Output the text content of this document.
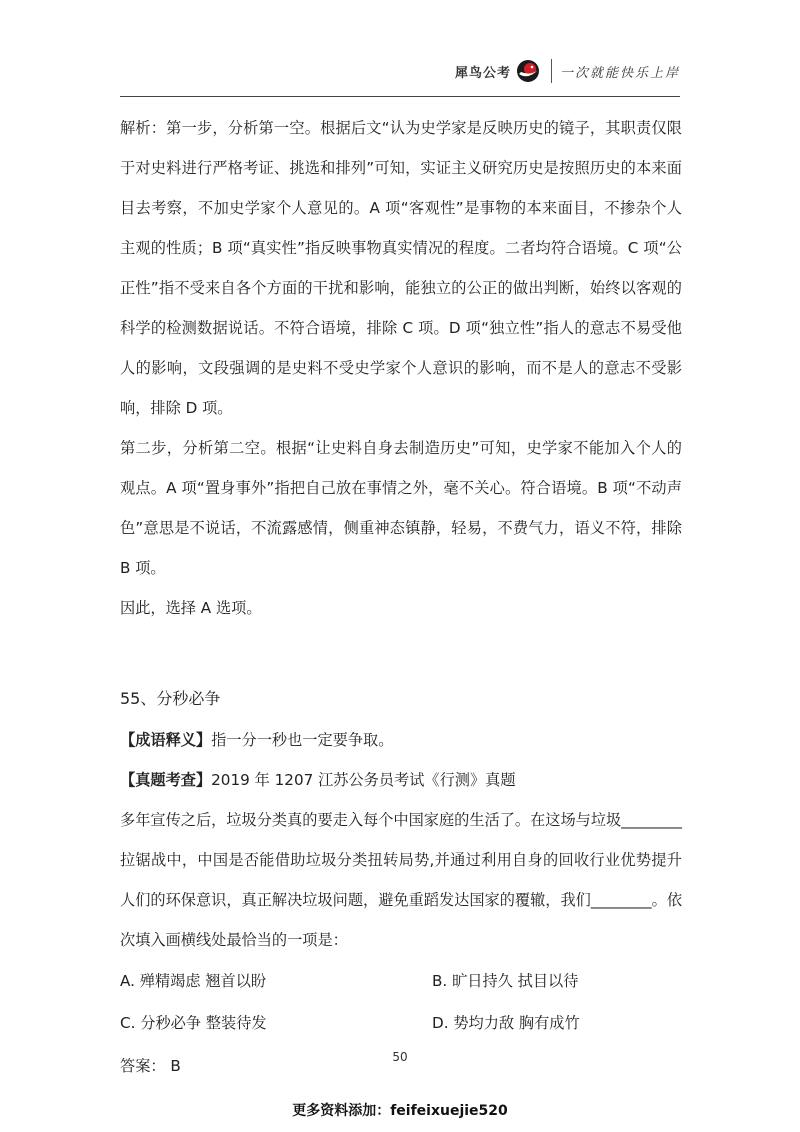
犀鸟公考	一次就能快乐上岸

解析：第一步，分析第一空。根据后文“认为史学家是反映历史的镜子，其职责仅限于对史料进行严格考证、挑选和排列”可知，实证主义研究历史是按照历史的本来面目去考察，不加史学家个人意见的。A 项“客观性”是事物的本来面目，不掺杂个人主观的性质；B 项“真实性”指反映事物真实情况的程度。二者均符合语境。C 项“公正性”指不受来自各个方面的干扰和影响，能独立的公正的做出判断，始终以客观的科学的检测数据说话。不符合语境，排除 C 项。D 项“独立性”指人的意志不易受他人的影响，文段强调的是史料不受史学家个人意识的影响，而不是人的意志不受影响，排除 D 项。

第二步，分析第二空。根据“让史料自身去制造历史”可知，史学家不能加入个人的观点。A 项“置身事外”指把自己放在事情之外，毫不关心。符合语境。B 项“不动声色”意思是不说话，不流露感情，侧重神态镇静，轻易，不费气力，语义不符，排除 B 项。

因此，选择 A 选项。

55、分秒必争

【成语释义】指一分一秒也一定要争取。

【真题考查】2019 年 1207 江苏公务员考试《行测》真题

多年宣传之后，垃圾分类真的要走入每个中国家庭的生活了。在这场与垃圾________拉锯战中，中国是否能借助垃圾分类扭转局势,并通过利用自身的回收行业优势提升人们的环保意识，真正解决垃圾问题，避免重蹈发达国家的覆辙，我们________。依次填入画横线处最恰当的一项是：

A. 殚精竭虑 翘首以盼	B. 旷日持久 拭目以待
C. 分秒必争 整装待发	D. 势均力敌 胸有成竹
答案： B	50
更多资料添加：feifeixuejie520
